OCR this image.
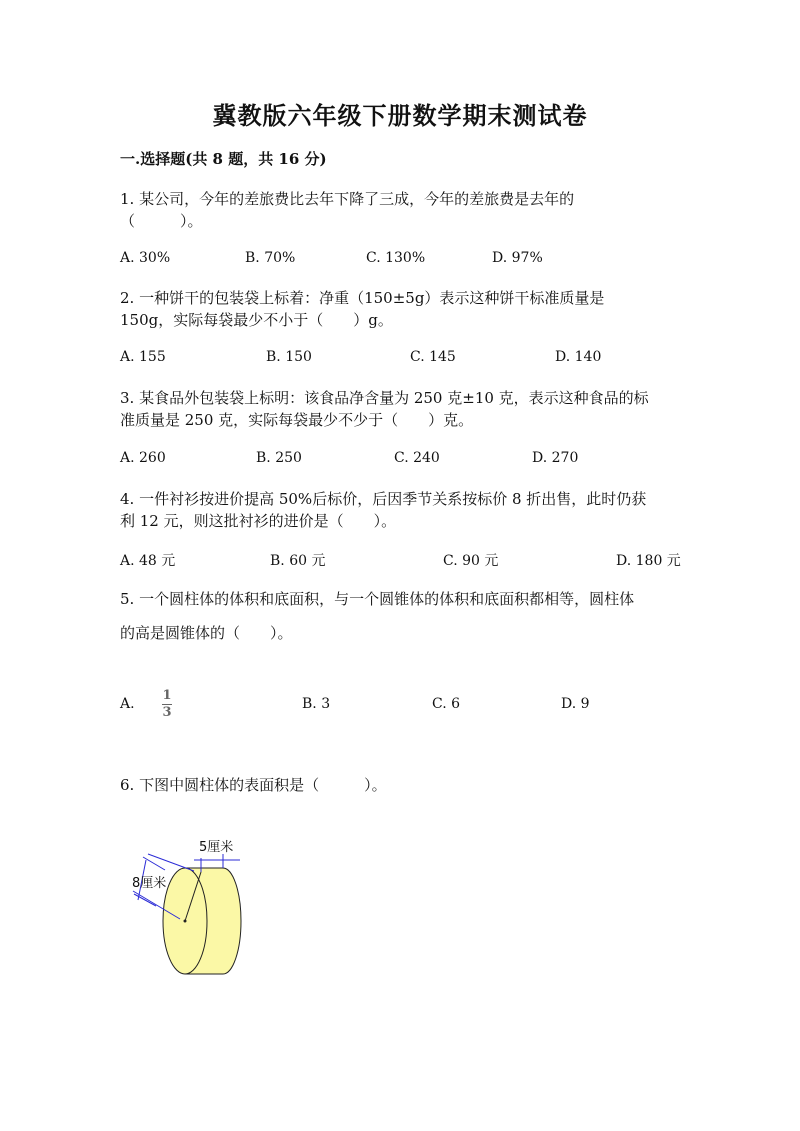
冀教版六年级下册数学期末测试卷
一.选择题(共 8 题，共 16 分)
1. 某公司，今年的差旅费比去年下降了三成，今年的差旅费是去年的
（　　　）。
A. 30%	B. 70%	C. 130%	D. 97%
2. 一种饼干的包装袋上标着：净重（150±5g）表示这种饼干标准质量是
150g，实际每袋最少不小于（　　）g。
A. 155	B. 150	C. 145	D. 140
3. 某食品外包装袋上标明：该食品净含量为 250 克±10 克，表示这种食品的标
准质量是 250 克，实际每袋最少不少于（　　）克。
A. 260	B. 250	C. 240	D. 270
4. 一件衬衫按进价提高 50%后标价，后因季节关系按标价 8 折出售，此时仍获
利 12 元，则这批衬衫的进价是（　　）。
A. 48 元	B. 60 元	C. 90 元	D. 180 元
5. 一个圆柱体的体积和底面积，与一个圆锥体的体积和底面积都相等，圆柱体
的高是圆锥体的（　　）。
A.
1
3
B. 3	C. 6	D. 9
6. 下图中圆柱体的表面积是（　　　）。
8厘米
5厘米
